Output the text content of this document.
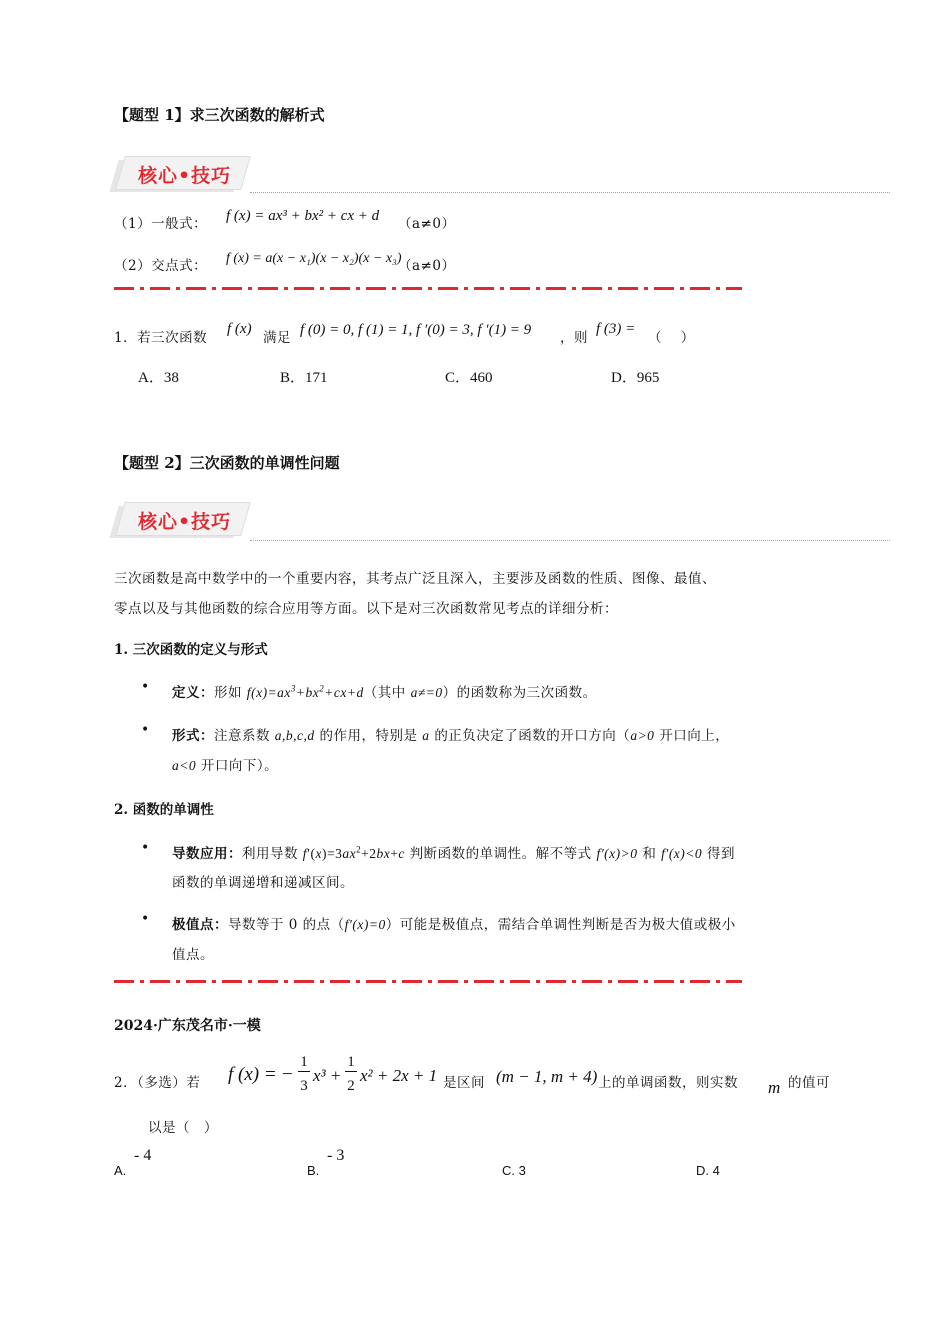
【题型 1】求三次函数的解析式
核心•技巧
（1）一般式： f (x) = ax³ + bx² + cx + d （a≠0）
（2）交点式： f (x) = a(x − x₁)(x − x₂)(x − x₃)
（a≠0）
1．若三次函数
f (x)
满足 f (0) = 0, f (1) = 1, f ′(0) = 3, f ′(1) = 9 ，则
f (3) =
（　 ）
A．38	B．171	C．460	D．965
【题型 2】三次函数的单调性问题
核心•技巧
三次函数是高中数学中的一个重要内容，其考点广泛且深入，主要涉及函数的性质、图像、最值、
零点以及与其他函数的综合应用等方面。以下是对三次函数常见考点的详细分析：
1. 三次函数的定义与形式
• 定义：形如 $f(x)=ax^3+bx^2+cx+d$（其中 a≠=0）的函数称为三次函数。
• 形式：注意系数 a,b,c,d 的作用，特别是 a 的正负决定了函数的开口方向（a>0 开口向上，
a<0 开口向下）。
2. 函数的单调性
• 导数应用：利用导数 $f'(x)=3ax^2+2bx+c$ 判断函数的单调性。解不等式 f′(x)>0 和 f′(x)<0 得到
函数的单调递增和递减区间。
• 极值点：导数等于 0 的点（f′(x)=0）可能是极值点，需结合单调性判断是否为极大值或极小
值点。
2024·广东茂名市·一模
2．（多选）若 f (x) = −
1
3
x³ +
1
2
x² + 2x + 1 是区间 (m − 1, m + 4) 上的单调函数，则实数 m 的值可
以是（　）
A.
- 4
B.
- 3
C. 3	D. 4
